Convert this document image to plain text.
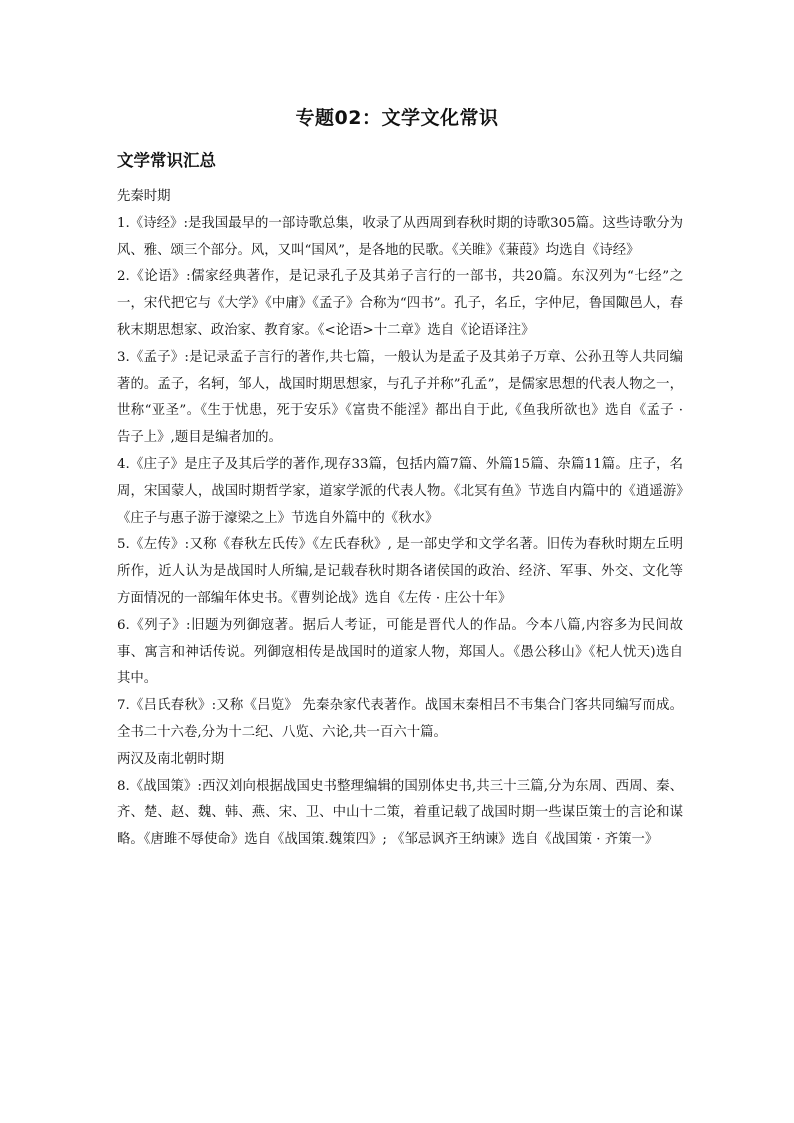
专题02：文学文化常识
文学常识汇总

先秦时期

1.《诗经》:是我国最早的一部诗歌总集，收录了从西周到春秋时期的诗歌305篇。这些诗歌分为风、雅、颂三个部分。风，又叫“国风”，是各地的民歌。《关睢》《蒹葭》均选自《诗经》

2.《论语》:儒家经典著作，是记录孔子及其弟子言行的一部书，共20篇。东汉列为“七经”之一，宋代把它与《大学》《中庸》《孟子》合称为“四书”。孔子，名丘，字仲尼，鲁国陬邑人，春秋末期思想家、政治家、教育家。《<论语>十二章》选自《论语译注》

3.《孟子》:是记录孟子言行的著作,共七篇，一般认为是孟子及其弟子万章、公孙丑等人共同编著的。孟子，名轲，邹人，战国时期思想家，与孔子并称”孔孟”，是儒家思想的代表人物之一，世称“亚圣”。《生于忧患，死于安乐》《富贵不能淫》都出自于此,《鱼我所欲也》选自《孟子 · 告子上》,题目是编者加的。

4.《庄子》是庄子及其后学的著作,现存33篇，包括内篇7篇、外篇15篇、杂篇11篇。庄子，名周，宋国蒙人，战国时期哲学家，道家学派的代表人物。《北冥有鱼》节选自内篇中的《逍遥游》《庄子与惠子游于濠梁之上》节选自外篇中的《秋水》

5.《左传》:又称《春秋左氏传》《左氏春秋》, 是一部史学和文学名著。旧传为春秋时期左丘明所作，近人认为是战国时人所编,是记载春秋时期各诸侯国的政治、经济、军事、外交、文化等方面情况的一部编年体史书。《曹刿论战》选自《左传 · 庄公十年》

6.《列子》:旧题为列御寇著。据后人考证，可能是晋代人的作品。今本八篇,内容多为民间故事、寓言和神话传说。列御寇相传是战国时的道家人物，郑国人。《愚公移山》《杞人忧天)选自其中。

7.《吕氏春秋》:又称《吕览》 先秦杂家代表著作。战国末秦相吕不韦集合门客共同编写而成。全书二十六卷,分为十二纪、八览、六论,共一百六十篇。

两汉及南北朝时期

8.《战国策》:西汉刘向根据战国史书整理编辑的国别体史书,共三十三篇,分为东周、西周、秦、齐、楚、赵、魏、韩、燕、宋、卫、中山十二策，着重记载了战国时期一些谋臣策士的言论和谋略。《唐雎不辱使命》选自《战国策.魏策四》; 《邹忌讽齐王纳谏》选自《战国策 · 齐策一》
